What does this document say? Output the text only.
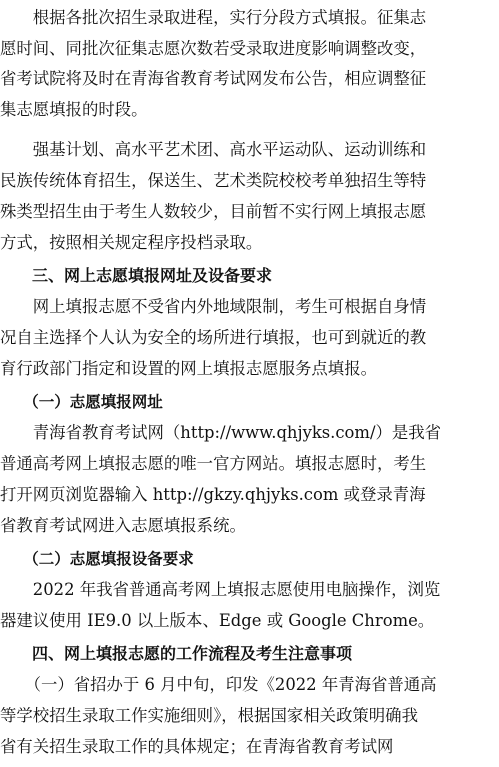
　　根据各批次招生录取进程，实行分段方式填报。征集志
愿时间、同批次征集志愿次数若受录取进度影响调整改变，
省考试院将及时在青海省教育考试网发布公告，相应调整征
集志愿填报的时段。
　　强基计划、高水平艺术团、高水平运动队、运动训练和
民族传统体育招生，保送生、艺术类院校校考单独招生等特
殊类型招生由于考生人数较少，目前暂不实行网上填报志愿
方式，按照相关规定程序投档录取。
　　三、网上志愿填报网址及设备要求
　　网上填报志愿不受省内外地域限制，考生可根据自身情
况自主选择个人认为安全的场所进行填报，也可到就近的教
育行政部门指定和设置的网上填报志愿服务点填报。
　　（一）志愿填报网址
　　青海省教育考试网（http://www.qhjyks.com/）是我省
普通高考网上填报志愿的唯一官方网站。填报志愿时，考生
打开网页浏览器输入 http://gkzy.qhjyks.com 或登录青海
省教育考试网进入志愿填报系统。
　　（二）志愿填报设备要求
　　2022 年我省普通高考网上填报志愿使用电脑操作，浏览
器建议使用 IE9.0 以上版本、Edge 或 Google Chrome。
　　四、网上填报志愿的工作流程及考生注意事项
　　（一）省招办于 6 月中旬，印发《2022 年青海省普通高
等学校招生录取工作实施细则》，根据国家相关政策明确我
省有关招生录取工作的具体规定；在青海省教育考试网
